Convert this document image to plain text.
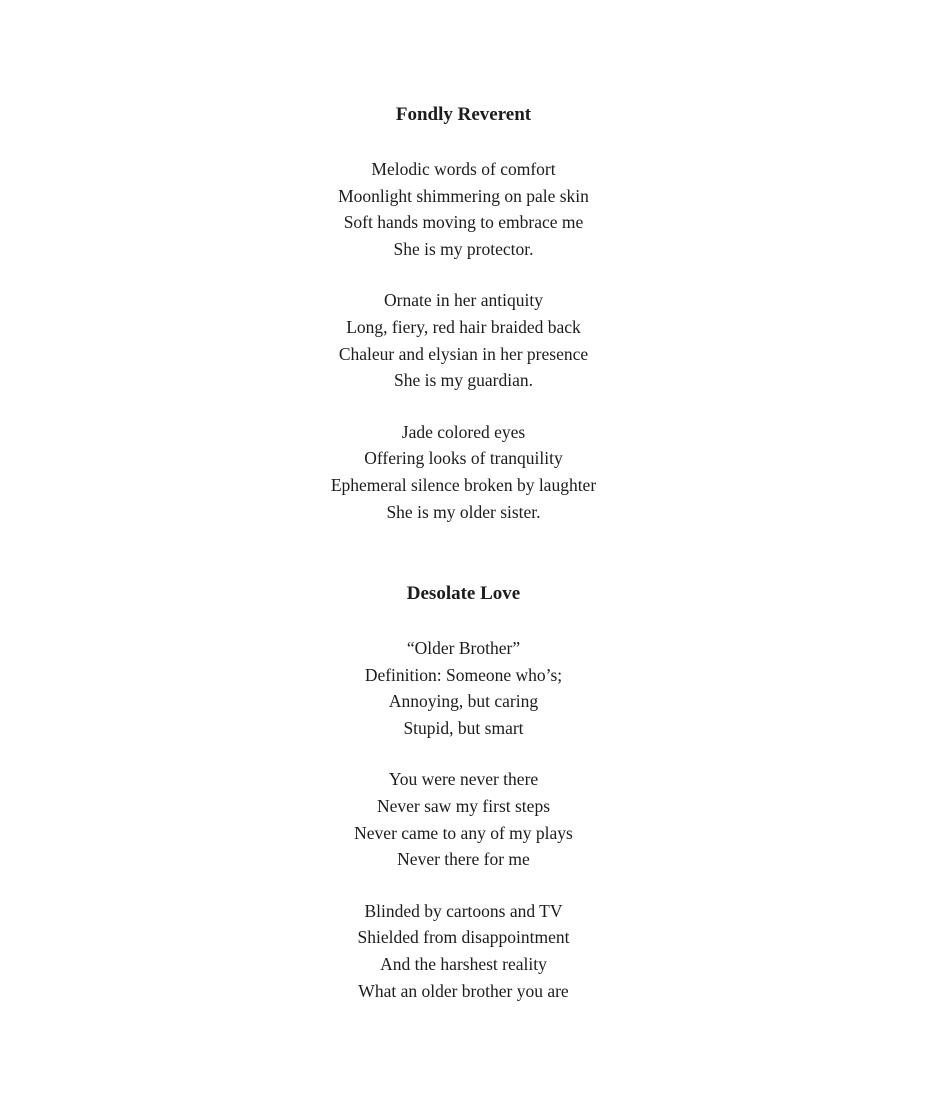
Fondly Reverent
Melodic words of comfort
Moonlight shimmering on pale skin
Soft hands moving to embrace me
She is my protector.
Ornate in her antiquity
Long, fiery, red hair braided back
Chaleur and elysian in her presence
She is my guardian.
Jade colored eyes
Offering looks of tranquility
Ephemeral silence broken by laughter
She is my older sister.
Desolate Love
“Older Brother”
Definition: Someone who’s;
Annoying, but caring
Stupid, but smart
You were never there
Never saw my first steps
Never came to any of my plays
Never there for me
Blinded by cartoons and TV
Shielded from disappointment
And the harshest reality
What an older brother you are
